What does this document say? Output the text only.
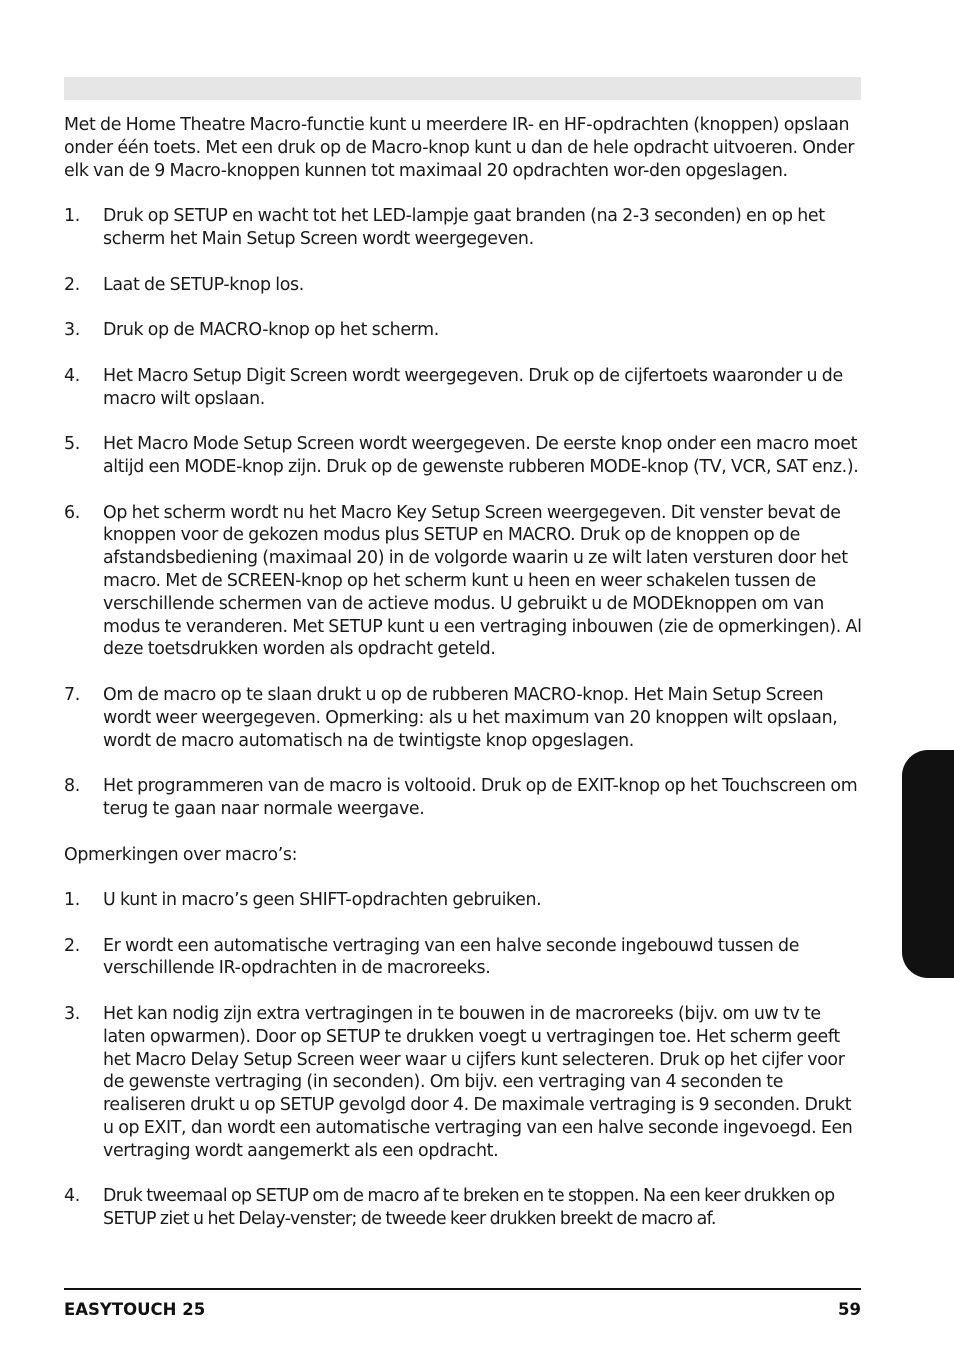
Met de Home Theatre Macro-functie kunt u meerdere IR- en HF-opdrachten (knoppen) opslaan onder één toets. Met een druk op de Macro-knop kunt u dan de hele opdracht uitvoeren. Onder elk van de 9 Macro-knoppen kunnen tot maximaal 20 opdrachten wor-den opgeslagen.

1.	Druk op SETUP en wacht tot het LED-lampje gaat branden (na 2-3 seconden) en op het scherm het Main Setup Screen wordt weergegeven.
2.	Laat de SETUP-knop los.
3.	Druk op de MACRO-knop op het scherm.
4.	Het Macro Setup Digit Screen wordt weergegeven. Druk op de cijfertoets waaronder u de macro wilt opslaan.
5.	Het Macro Mode Setup Screen wordt weergegeven. De eerste knop onder een macro moet altijd een MODE-knop zijn. Druk op de gewenste rubberen MODE-knop (TV, VCR, SAT enz.).
6.	Op het scherm wordt nu het Macro Key Setup Screen weergegeven. Dit venster bevat de knoppen voor de gekozen modus plus SETUP en MACRO. Druk op de knoppen op de afstandsbediening (maximaal 20) in de volgorde waarin u ze wilt laten versturen door het macro. Met de SCREEN-knop op het scherm kunt u heen en weer schakelen tussen de verschillende schermen van de actieve modus. U gebruikt u de MODEknoppen om van modus te veranderen. Met SETUP kunt u een vertraging inbouwen (zie de opmerkingen). Al deze toetsdrukken worden als opdracht geteld.
7.	Om de macro op te slaan drukt u op de rubberen MACRO-knop. Het Main Setup Screen wordt weer weergegeven. Opmerking: als u het maximum van 20 knoppen wilt opslaan, wordt de macro automatisch na de twintigste knop opgeslagen.
8.	Het programmeren van de macro is voltooid. Druk op de EXIT-knop op het Touchscreen om terug te gaan naar normale weergave.

Opmerkingen over macro’s:

1.	U kunt in macro’s geen SHIFT-opdrachten gebruiken.
2.	Er wordt een automatische vertraging van een halve seconde ingebouwd tussen de verschillende IR-opdrachten in de macroreeks.
3.	Het kan nodig zijn extra vertragingen in te bouwen in de macroreeks (bijv. om uw tv te laten opwarmen). Door op SETUP te drukken voegt u vertragingen toe. Het scherm geeft het Macro Delay Setup Screen weer waar u cijfers kunt selecteren. Druk op het cijfer voor de gewenste vertraging (in seconden). Om bijv. een vertraging van 4 seconden te realiseren drukt u op SETUP gevolgd door 4. De maximale vertraging is 9 seconden. Drukt u op EXIT, dan wordt een automatische vertraging van een halve seconde ingevoegd. Een vertraging wordt aangemerkt als een opdracht.
4.	Druk tweemaal op SETUP om de macro af te breken en te stoppen. Na een keer drukken op SETUP ziet u het Delay-venster; de tweede keer drukken breekt de macro af.
EASYTOUCH 25	59
